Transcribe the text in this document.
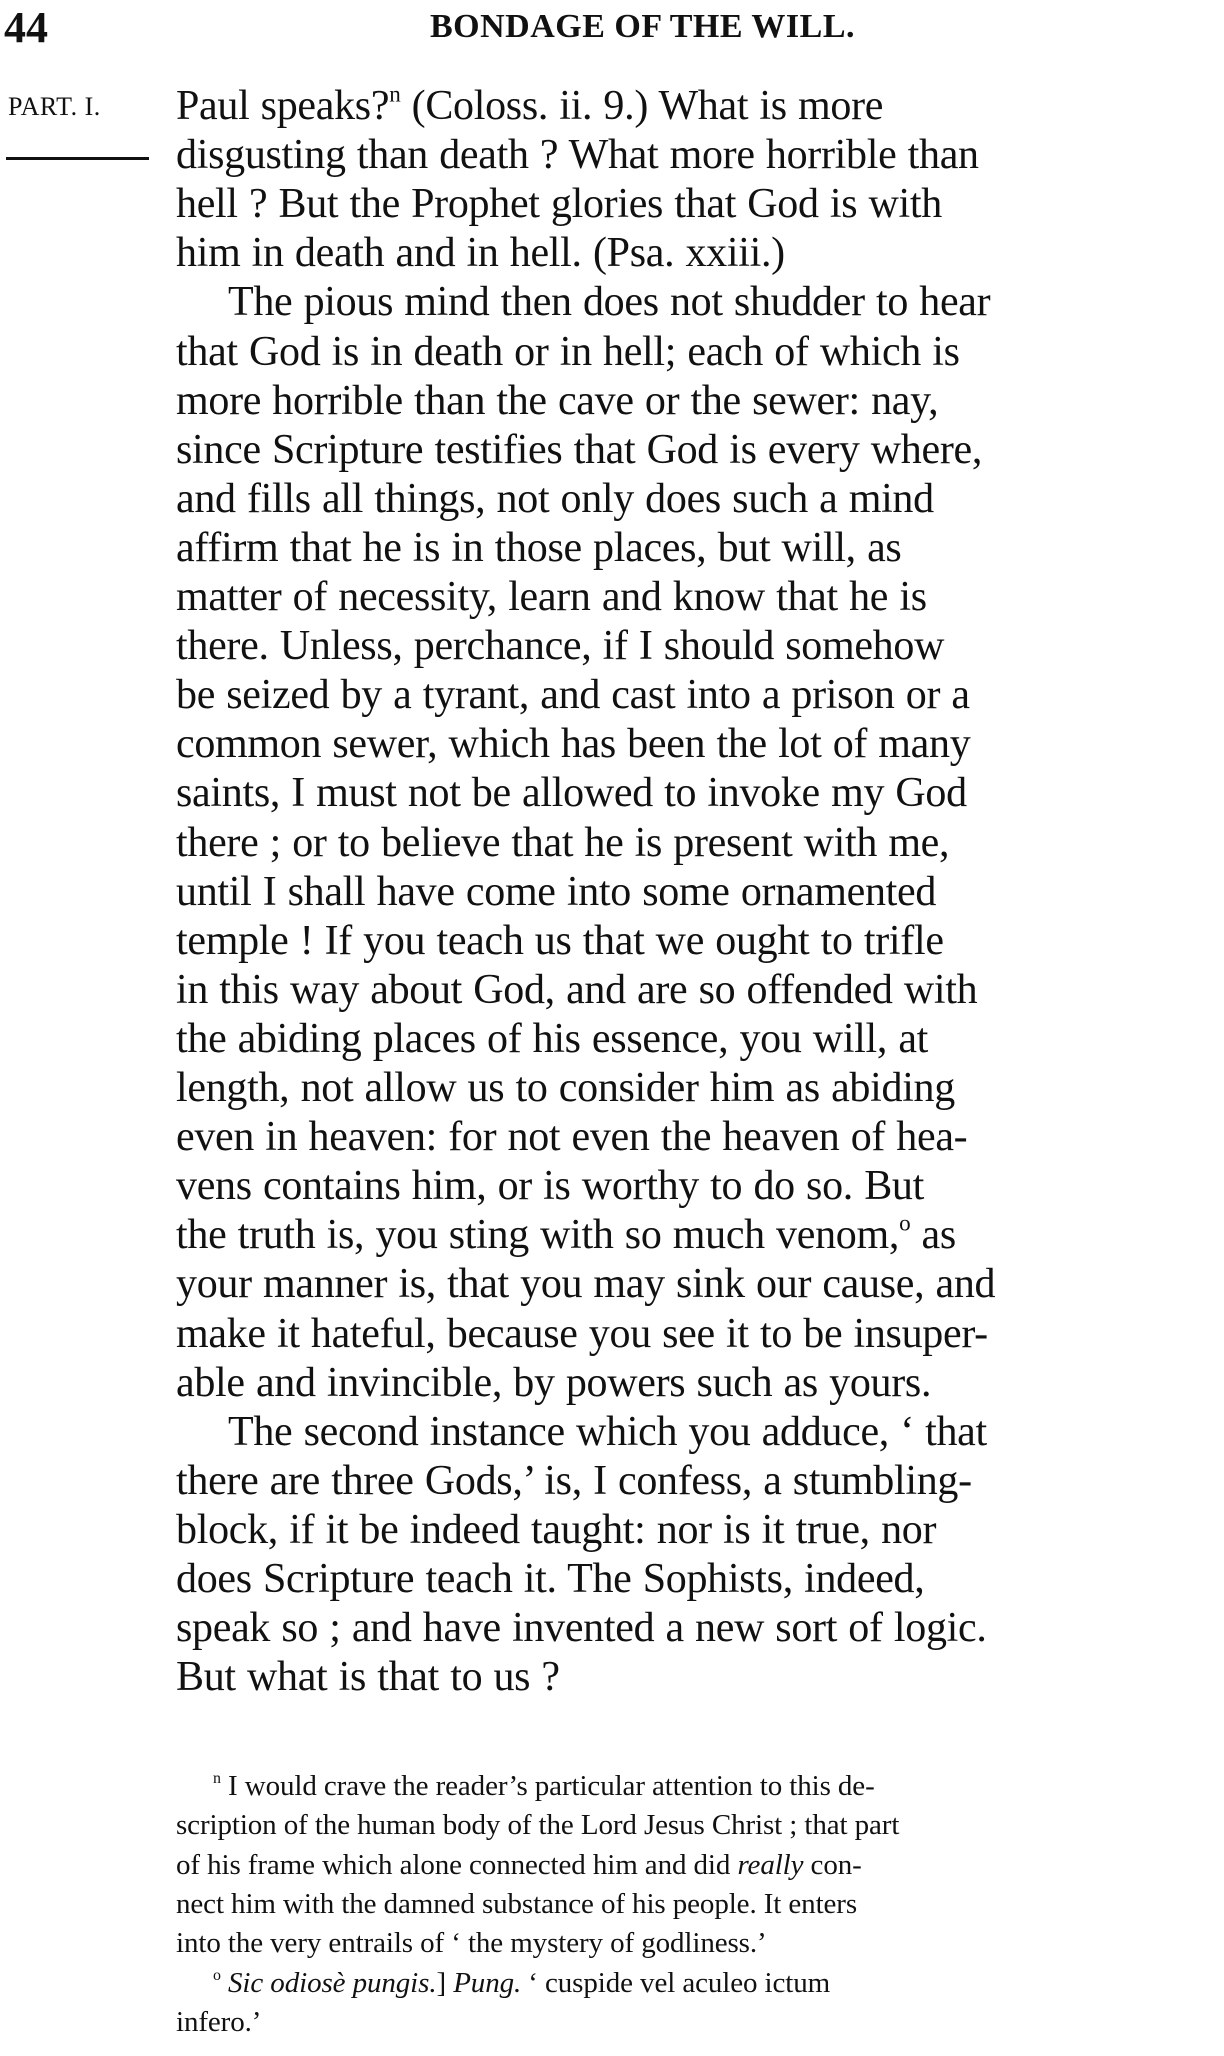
44	BONDAGE OF THE WILL.
PART. I. Paul speaks?$^n$ (Coloss. ii. 9.) What is more
disgusting than death ? What more horrible than
hell ? But the Prophet glories that God is with
him in death and in hell. (Psa. xxiii.)
The pious mind then does not shudder to hear
that God is in death or in hell; each of which is
more horrible than the cave or the sewer: nay,
since Scripture testifies that God is every where,
and fills all things, not only does such a mind
affirm that he is in those places, but will, as
matter of necessity, learn and know that he is
there. Unless, perchance, if I should somehow
be seized by a tyrant, and cast into a prison or a
common sewer, which has been the lot of many
saints, I must not be allowed to invoke my God
there ; or to believe that he is present with me,
until I shall have come into some ornamented
temple ! If you teach us that we ought to trifle
in this way about God, and are so offended with
the abiding places of his essence, you will, at
length, not allow us to consider him as abiding
even in heaven: for not even the heaven of hea-
vens contains him, or is worthy to do so. But
the truth is, you sting with so much venom,$^o$ as
your manner is, that you may sink our cause, and
make it hateful, because you see it to be insuper-
able and invincible, by powers such as yours.
The second instance which you adduce, ‘ that
there are three Gods,’ is, I confess, a stumbling-
block, if it be indeed taught: nor is it true, nor
does Scripture teach it. The Sophists, indeed,
speak so ; and have invented a new sort of logic.
But what is that to us ?
$^n$ I would crave the reader’s particular attention to this de-
scription of the human body of the Lord Jesus Christ ; that part
of his frame which alone connected him and did really con-
nect him with the damned substance of his people. It enters
into the very entrails of ‘ the mystery of godliness.’
$^o$ Sic odiosè pungis.] Pung. ‘ cuspide vel aculeo ictum
infero.’
